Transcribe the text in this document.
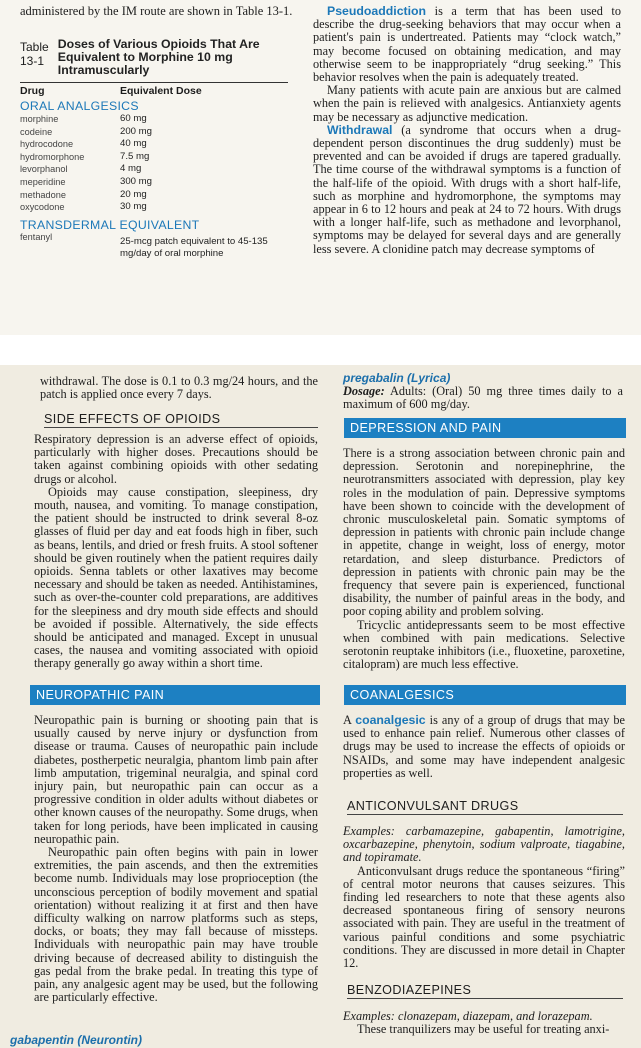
administered by the IM route are shown in Table 13-1.
Table 13-1
Doses of Various Opioids That Are Equivalent to Morphine 10 mg Intramuscularly
Drug	Equivalent Dose
ORAL ANALGESICS
morphine	60 mg
codeine	200 mg
hydrocodone	40 mg
hydromorphone	7.5 mg
levorphanol	4 mg
meperidine	300 mg
methadone	20 mg
oxycodone	30 mg
TRANSDERMAL EQUIVALENT
fentanyl	25-mcg patch equivalent to 45-135 mg/day of oral morphine

Pseudoaddiction is a term that has been used to describe the drug-seeking behaviors that may occur when a patient's pain is undertreated. Patients may “clock watch,” may become focused on obtaining medication, and may otherwise seem to be inappropriately “drug seeking.” This behavior resolves when the pain is adequately treated.

Many patients with acute pain are anxious but are calmed when the pain is relieved with analgesics. Antianxiety agents may be necessary as adjunctive medication.

Withdrawal (a syndrome that occurs when a drug-dependent person discontinues the drug suddenly) must be prevented and can be avoided if drugs are tapered gradually. The time course of the withdrawal symptoms is a function of the half-life of the opioid. With drugs with a short half-life, such as morphine and hydromorphone, the symptoms may appear in 6 to 12 hours and peak at 24 to 72 hours. With drugs with a longer half-life, such as methadone and levorphanol, symptoms may be delayed for several days and are generally less severe. A clonidine patch may decrease symptoms of

withdrawal. The dose is 0.1 to 0.3 mg/24 hours, and the patch is applied once every 7 days.
SIDE EFFECTS OF OPIOIDS

Respiratory depression is an adverse effect of opioids, particularly with higher doses. Precautions should be taken against combining opioids with other sedating drugs or alcohol.

Opioids may cause constipation, sleepiness, dry mouth, nausea, and vomiting. To manage constipation, the patient should be instructed to drink several 8-oz glasses of fluid per day and eat foods high in fiber, such as beans, lentils, and dried or fresh fruits. A stool softener should be given routinely when the patient requires daily opioids. Senna tablets or other laxatives may become necessary and should be taken as needed. Antihistamines, such as over-the-counter cold preparations, are additives for the sleepiness and dry mouth side effects and should be avoided if possible. Alternatively, the side effects should be anticipated and managed. Except in unusual cases, the nausea and vomiting associated with opioid therapy generally go away within a short time.

NEUROPATHIC PAIN

Neuropathic pain is burning or shooting pain that is usually caused by nerve injury or dysfunction from disease or trauma. Causes of neuropathic pain include diabetes, postherpetic neuralgia, phantom limb pain after limb amputation, trigeminal neuralgia, and spinal cord injury pain, but neuropathic pain can occur as a progressive condition in older adults without diabetes or other known causes of the neuropathy. Some drugs, when taken for long periods, have been implicated in causing neuropathic pain.

Neuropathic pain often begins with pain in lower extremities, the pain ascends, and then the extremities become numb. Individuals may lose proprioception (the unconscious perception of bodily movement and spatial orientation) without realizing it at first and then have difficulty walking on narrow platforms such as steps, docks, or boats; they may fall because of missteps. Individuals with neuropathic pain may have trouble driving because of decreased ability to distinguish the gas pedal from the brake pedal. In treating this type of pain, any analgesic agent may be used, but the following are particularly effective.

gabapentin (Neurontin)
pregabalin (Lyrica)

Dosage: Adults: (Oral) 50 mg three times daily to a maximum of 600 mg/day.

DEPRESSION AND PAIN

There is a strong association between chronic pain and depression. Serotonin and norepinephrine, the neurotransmitters associated with depression, play key roles in the modulation of pain. Depressive symptoms have been shown to coincide with the development of chronic musculoskeletal pain. Somatic symptoms of depression in patients with chronic pain include change in appetite, change in weight, loss of energy, motor retardation, and sleep disturbance. Predictors of depression in patients with chronic pain may be the frequency that severe pain is experienced, functional disability, the number of painful areas in the body, and poor coping ability and problem solving.

Tricyclic antidepressants seem to be most effective when combined with pain medications. Selective serotonin reuptake inhibitors (i.e., fluoxetine, paroxetine, citalopram) are much less effective.

COANALGESICS

A coanalgesic is any of a group of drugs that may be used to enhance pain relief. Numerous other classes of drugs may be used to increase the effects of opioids or NSAIDs, and some may have independent analgesic properties as well.

ANTICONVULSANT DRUGS

Examples: carbamazepine, gabapentin, lamotrigine, oxcarbazepine, phenytoin, sodium valproate, tiagabine, and topiramate.

Anticonvulsant drugs reduce the spontaneous “firing” of central motor neurons that causes seizures. This finding led researchers to note that these agents also decreased spontaneous firing of sensory neurons associated with pain. They are useful in the treatment of various painful conditions and some psychiatric conditions. They are discussed in more detail in Chapter 12.

BENZODIAZEPINES

Examples: clonazepam, diazepam, and lorazepam.

These tranquilizers may be useful for treating anxi-
